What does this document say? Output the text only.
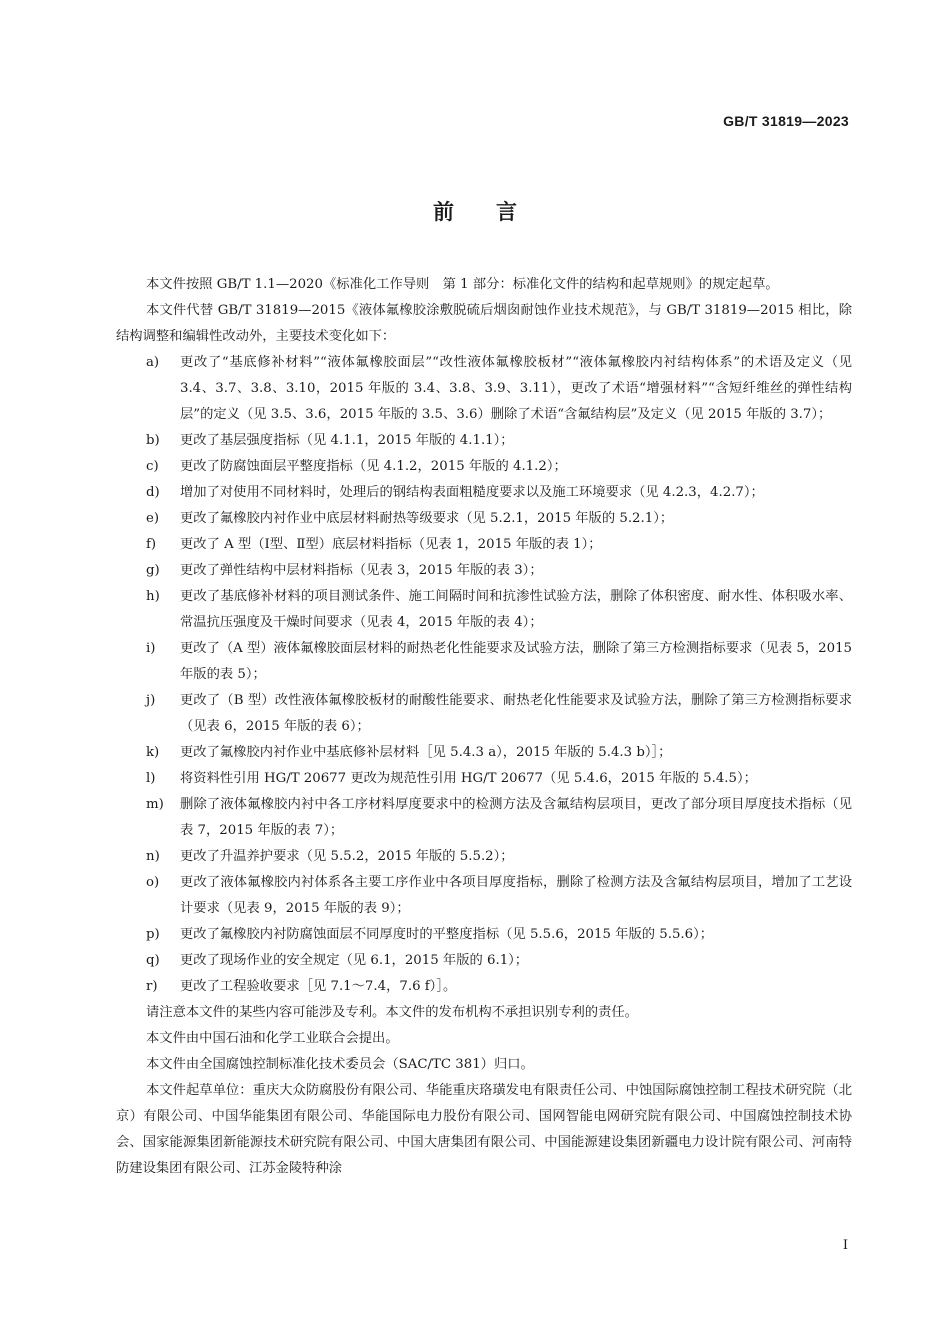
GB/T 31819—2023
前　　言

本文件按照 GB/T 1.1—2020《标准化工作导则　第 1 部分：标准化文件的结构和起草规则》的规定起草。

本文件代替 GB/T 31819—2015《液体氟橡胶涂敷脱硫后烟囱耐蚀作业技术规范》，与 GB/T 31819—2015 相比，除结构调整和编辑性改动外，主要技术变化如下：

a) 更改了“基底修补材料”“液体氟橡胶面层”“改性液体氟橡胶板材”“液体氟橡胶内衬结构体系”的术语及定义（见 3.4、3.7、3.8、3.10，2015 年版的 3.4、3.8、3.9、3.11），更改了术语“增强材料”“含短纤维丝的弹性结构层”的定义（见 3.5、3.6，2015 年版的 3.5、3.6）删除了术语“含氟结构层”及定义（见 2015 年版的 3.7）；
b) 更改了基层强度指标（见 4.1.1，2015 年版的 4.1.1）；
c) 更改了防腐蚀面层平整度指标（见 4.1.2，2015 年版的 4.1.2）；
d) 增加了对使用不同材料时，处理后的钢结构表面粗糙度要求以及施工环境要求（见 4.2.3，4.2.7）；
e) 更改了氟橡胶内衬作业中底层材料耐热等级要求（见 5.2.1，2015 年版的 5.2.1）；
f) 更改了 A 型（Ⅰ型、Ⅱ型）底层材料指标（见表 1，2015 年版的表 1）；
g) 更改了弹性结构中层材料指标（见表 3，2015 年版的表 3）；
h) 更改了基底修补材料的项目测试条件、施工间隔时间和抗渗性试验方法，删除了体积密度、耐水性、体积吸水率、常温抗压强度及干燥时间要求（见表 4，2015 年版的表 4）；
i) 更改了（A 型）液体氟橡胶面层材料的耐热老化性能要求及试验方法，删除了第三方检测指标要求（见表 5，2015 年版的表 5）；
j) 更改了（B 型）改性液体氟橡胶板材的耐酸性能要求、耐热老化性能要求及试验方法，删除了第三方检测指标要求（见表 6，2015 年版的表 6）；
k) 更改了氟橡胶内衬作业中基底修补层材料［见 5.4.3 a），2015 年版的 5.4.3 b）］；
l) 将资料性引用 HG/T 20677 更改为规范性引用 HG/T 20677（见 5.4.6，2015 年版的 5.4.5）；
m) 删除了液体氟橡胶内衬中各工序材料厚度要求中的检测方法及含氟结构层项目，更改了部分项目厚度技术指标（见表 7，2015 年版的表 7）；
n) 更改了升温养护要求（见 5.5.2，2015 年版的 5.5.2）；
o) 更改了液体氟橡胶内衬体系各主要工序作业中各项目厚度指标，删除了检测方法及含氟结构层项目，增加了工艺设计要求（见表 9，2015 年版的表 9）；
p) 更改了氟橡胶内衬防腐蚀面层不同厚度时的平整度指标（见 5.5.6，2015 年版的 5.5.6）；
q) 更改了现场作业的安全规定（见 6.1，2015 年版的 6.1）；
r) 更改了工程验收要求［见 7.1～7.4，7.6 f）］。

请注意本文件的某些内容可能涉及专利。本文件的发布机构不承担识别专利的责任。

本文件由中国石油和化学工业联合会提出。

本文件由全国腐蚀控制标准化技术委员会（SAC/TC 381）归口。

本文件起草单位：重庆大众防腐股份有限公司、华能重庆珞璜发电有限责任公司、中蚀国际腐蚀控制工程技术研究院（北京）有限公司、中国华能集团有限公司、华能国际电力股份有限公司、国网智能电网研究院有限公司、中国腐蚀控制技术协会、国家能源集团新能源技术研究院有限公司、中国大唐集团有限公司、中国能源建设集团新疆电力设计院有限公司、河南特防建设集团有限公司、江苏金陵特种涂

I
